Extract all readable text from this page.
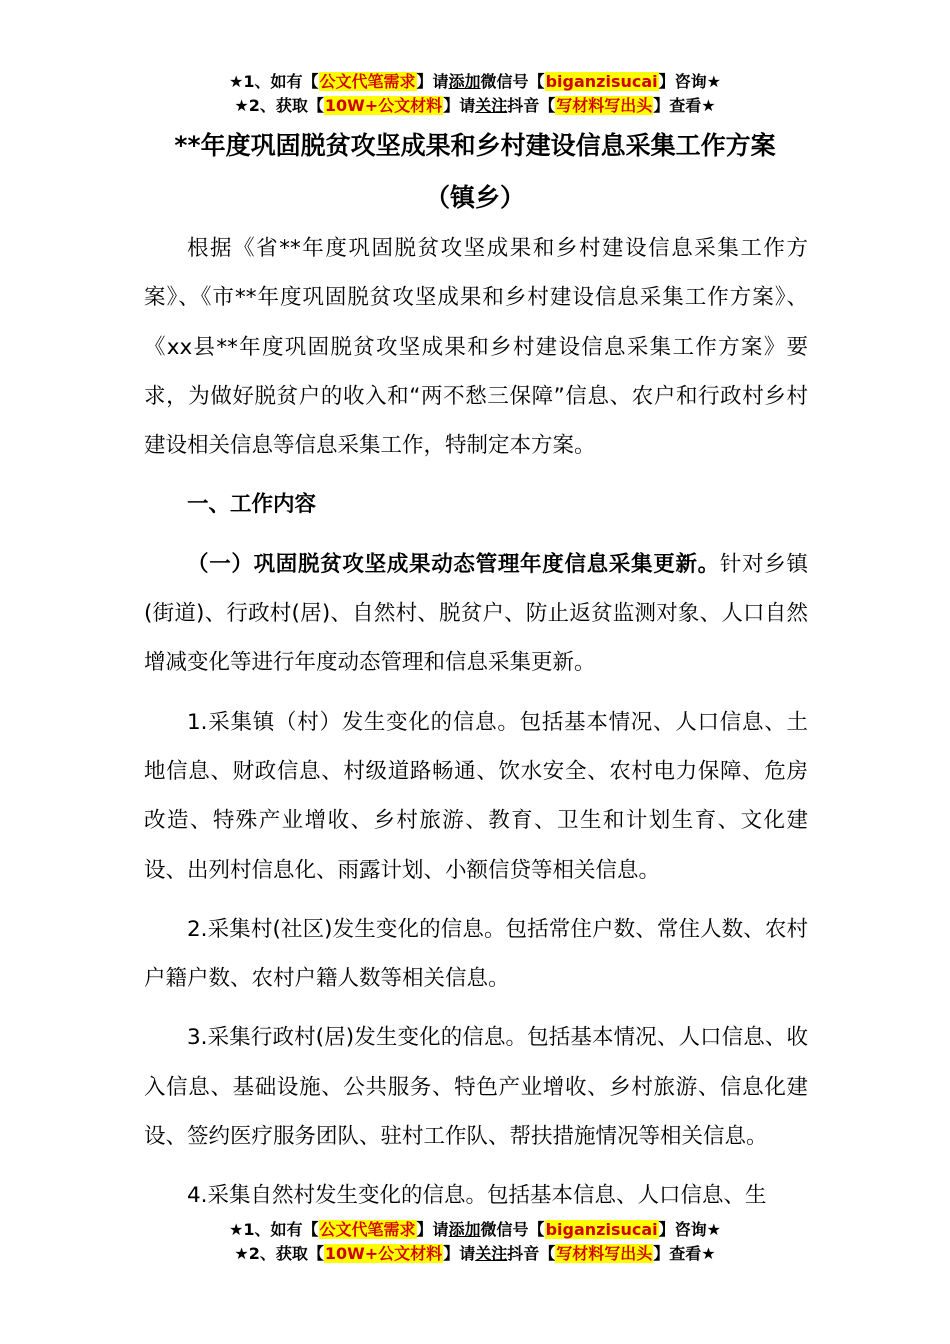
★1、如有【公文代笔需求】请添加微信号【biganzisucai】咨询★
★2、获取【10W+公文材料】请关注抖音【写材料写出头】查看★
**年度巩固脱贫攻坚成果和乡村建设信息采集工作方案
（镇乡）

根据《省**年度巩固脱贫攻坚成果和乡村建设信息采集工作方案》、《市**年度巩固脱贫攻坚成果和乡村建设信息采集工作方案》、《xx县**年度巩固脱贫攻坚成果和乡村建设信息采集工作方案》要求，为做好脱贫户的收入和“两不愁三保障”信息、农户和行政村乡村建设相关信息等信息采集工作，特制定本方案。

一、工作内容

（一）巩固脱贫攻坚成果动态管理年度信息采集更新。针对乡镇(街道)、行政村(居)、自然村、脱贫户、防止返贫监测对象、人口自然增减变化等进行年度动态管理和信息采集更新。

1.采集镇（村）发生变化的信息。包括基本情况、人口信息、土地信息、财政信息、村级道路畅通、饮水安全、农村电力保障、危房改造、特殊产业增收、乡村旅游、教育、卫生和计划生育、文化建设、出列村信息化、雨露计划、小额信贷等相关信息。

2.采集村(社区)发生变化的信息。包括常住户数、常住人数、农村户籍户数、农村户籍人数等相关信息。

3.采集行政村(居)发生变化的信息。包括基本情况、人口信息、收入信息、基础设施、公共服务、特色产业增收、乡村旅游、信息化建设、签约医疗服务团队、驻村工作队、帮扶措施情况等相关信息。

4.采集自然村发生变化的信息。包括基本信息、人口信息、生

★1、如有【公文代笔需求】请添加微信号【biganzisucai】咨询★
★2、获取【10W+公文材料】请关注抖音【写材料写出头】查看★
